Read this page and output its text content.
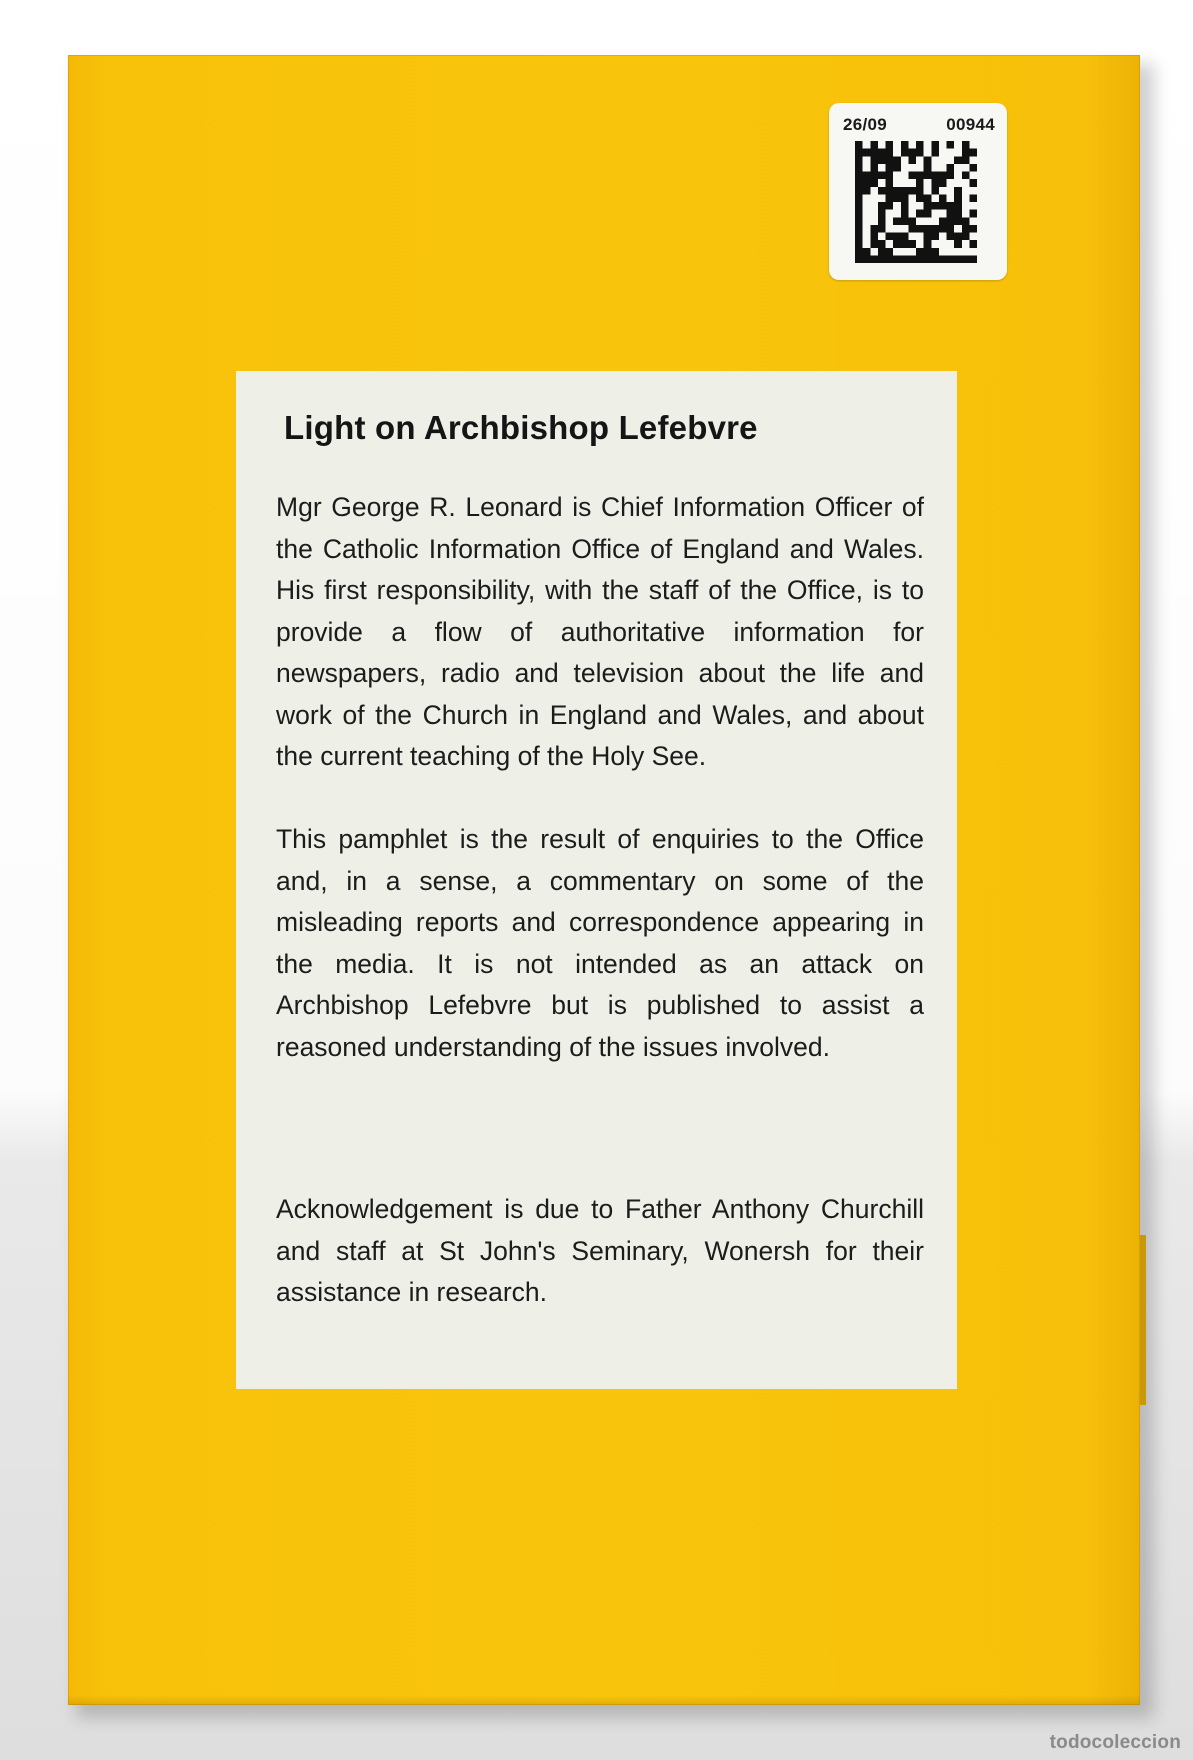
26/09	00944
Light on Archbishop Lefebvre

Mgr George R. Leonard is Chief Information Officer of the Catholic Information Office of England and Wales. His first responsibility, with the staff of the Office, is to provide a flow of authoritative information for newspapers, radio and television about the life and work of the Church in England and Wales, and about the current teaching of the Holy See.

This pamphlet is the result of enquiries to the Office and, in a sense, a commentary on some of the misleading reports and correspondence appearing in the media. It is not intended as an attack on Archbishop Lefebvre but is published to assist a reasoned understanding of the issues involved.

Acknowledgement is due to Father Anthony Churchill and staff at St John's Seminary, Wonersh for their assistance in research.

todocoleccion
